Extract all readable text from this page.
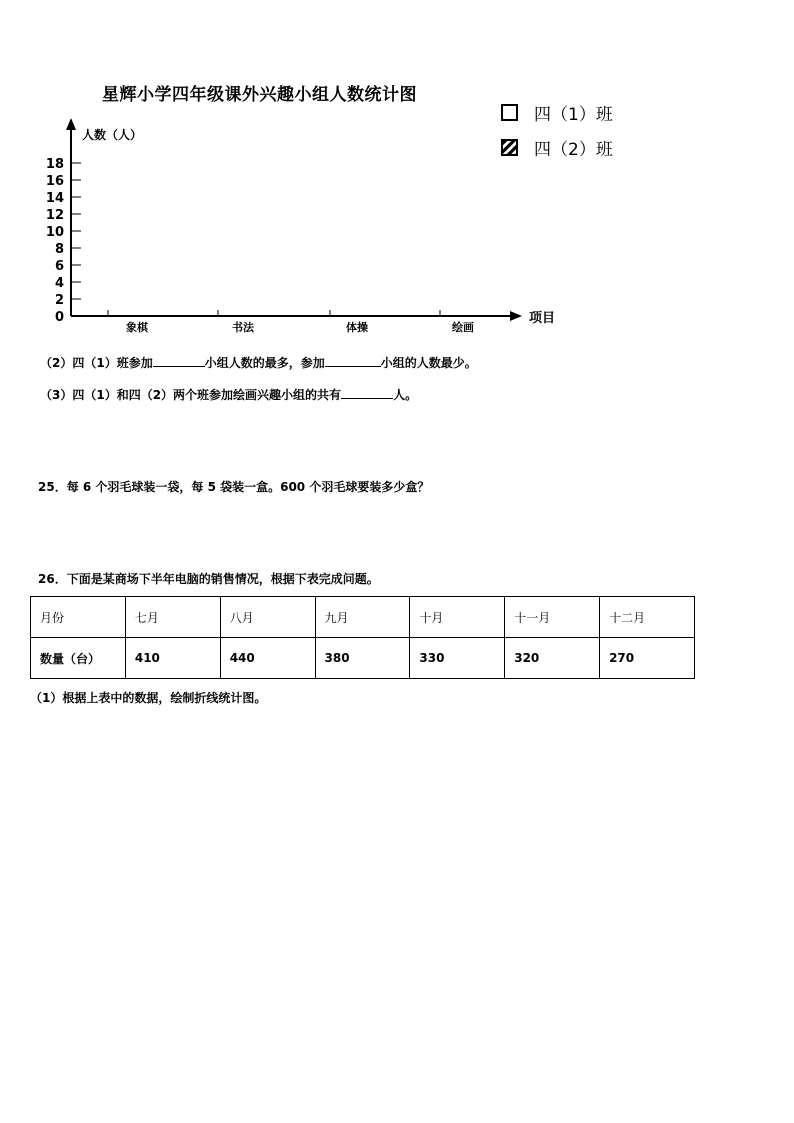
星辉小学四年级课外兴趣小组人数统计图
四（1）班
四（2）班
人数（人）
项目
0
2
4
6
8
10
12
14
16
18
象棋	书法	体操	绘画
（2）四（1）班参加	小组人数的最多，参加	小组的人数最少。
（3）四（1）和四（2）两个班参加绘画兴趣小组的共有	人。
25．每 6 个羽毛球装一袋，每 5 袋装一盒。600 个羽毛球要装多少盒？
26．下面是某商场下半年电脑的销售情况，根据下表完成问题。
月份	七月	八月	九月	十月	十一月	十二月
数量（台）	410	440	380	330	320	270
（1）根据上表中的数据，绘制折线统计图。
